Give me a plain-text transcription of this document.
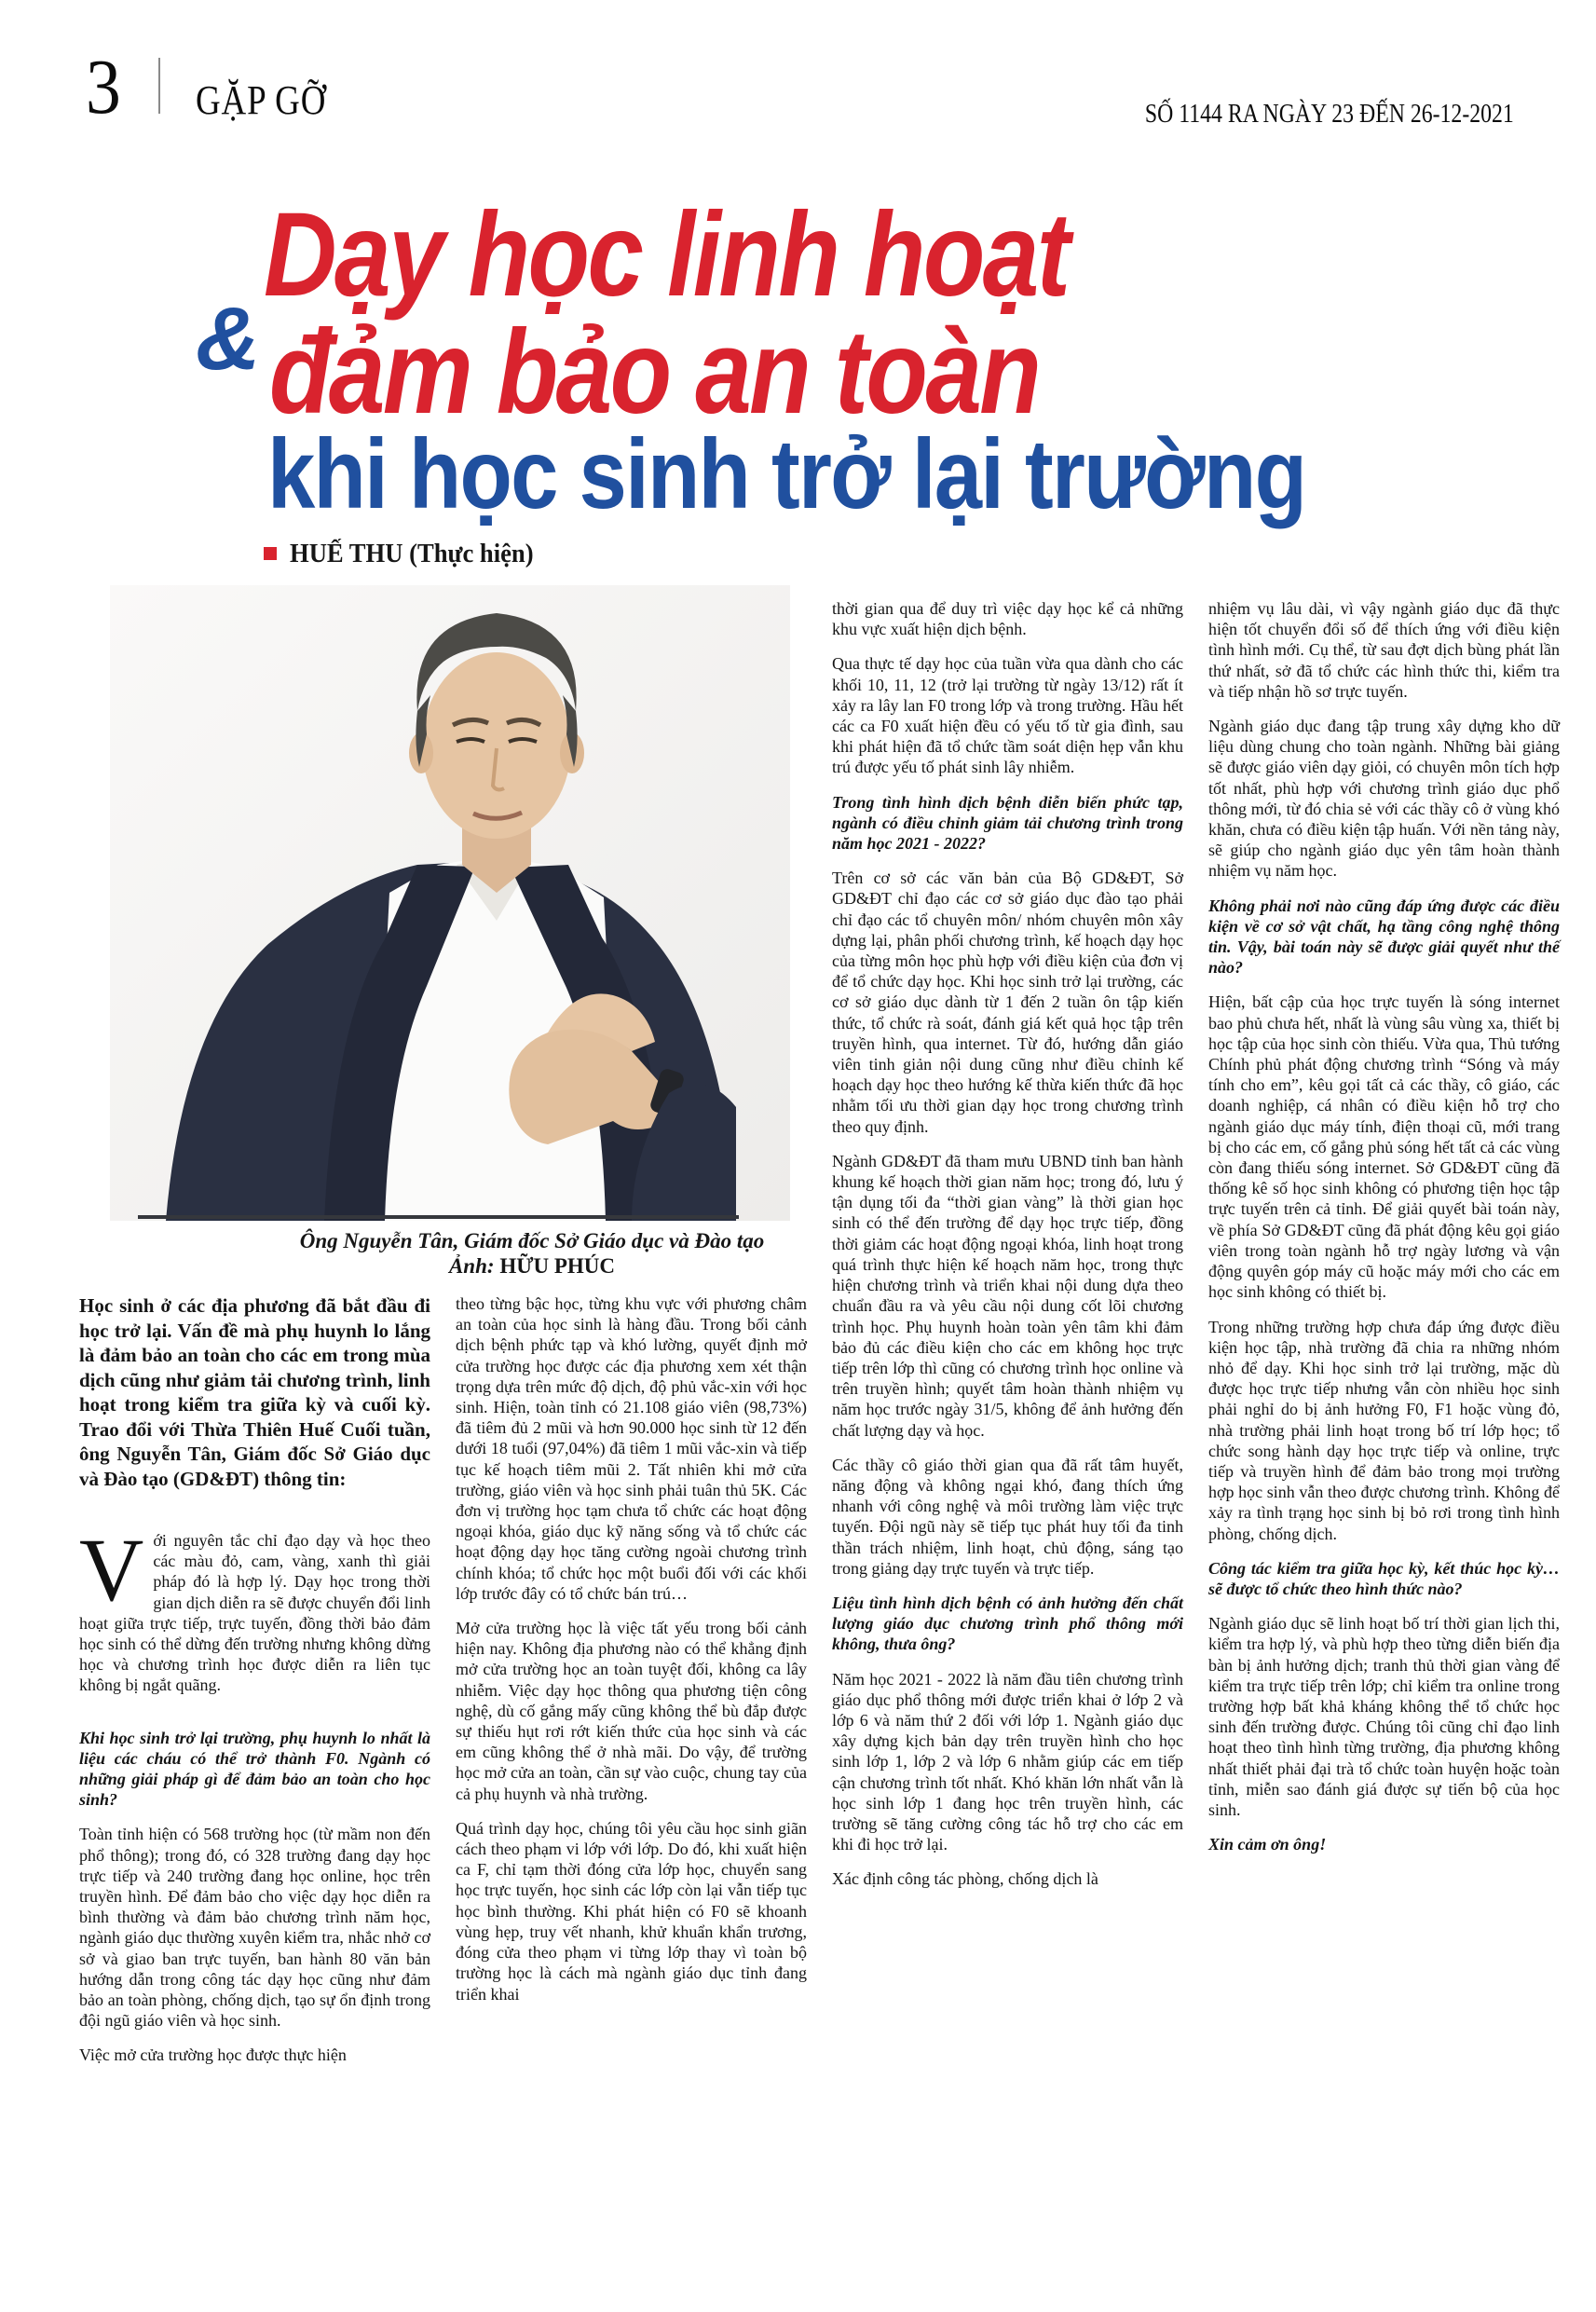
3 GẶP GỠ	SỐ 1144 RA NGÀY 23 ĐẾN 26-12-2021
Dạy học linh hoạt
& đảm bảo an toàn
khi học sinh trở lại trường
HUẾ THU (Thực hiện)
Ông Nguyễn Tân, Giám đốc Sở Giáo dục và Đào tạo
Ảnh: HỮU PHÚC
Học sinh ở các địa phương đã bắt đầu đi học trở lại. Vấn đề mà phụ huynh lo lắng là đảm bảo an toàn cho các em trong mùa dịch cũng như giảm tải chương trình, linh hoạt trong kiểm tra giữa kỳ và cuối kỳ. Trao đổi với Thừa Thiên Huế Cuối tuần, ông Nguyễn Tân, Giám đốc Sở Giáo dục và Đào tạo (GD&ĐT) thông tin:
Với nguyên tắc chỉ đạo dạy và học theo các màu đỏ, cam, vàng, xanh thì giải pháp đó là hợp lý. Dạy học trong thời gian dịch diễn ra sẽ được chuyển đổi linh hoạt giữa trực tiếp, trực tuyến, đồng thời bảo đảm học sinh có thể dừng đến trường nhưng không dừng học và chương trình học được diễn ra liên tục không bị ngắt quãng.
Khi học sinh trở lại trường, phụ huynh lo nhất là liệu các cháu có thể trở thành F0. Ngành có những giải pháp gì để đảm bảo an toàn cho học sinh?
Toàn tỉnh hiện có 568 trường học (từ mầm non đến phổ thông); trong đó, có 328 trường đang dạy học trực tiếp và 240 trường đang học online, học trên truyền hình. Để đảm bảo cho việc dạy học diễn ra bình thường và đảm bảo chương trình năm học, ngành giáo dục thường xuyên kiểm tra, nhắc nhở cơ sở và giao ban trực tuyến, ban hành 80 văn bản hướng dẫn trong công tác dạy học cũng như đảm bảo an toàn phòng, chống dịch, tạo sự ổn định trong đội ngũ giáo viên và học sinh.
Việc mở cửa trường học được thực hiện
theo từng bậc học, từng khu vực với phương châm an toàn của học sinh là hàng đầu. Trong bối cảnh dịch bệnh phức tạp và khó lường, quyết định mở cửa trường học được các địa phương xem xét thận trọng dựa trên mức độ dịch, độ phủ vắc-xin với học sinh. Hiện, toàn tỉnh có 21.108 giáo viên (98,73%) đã tiêm đủ 2 mũi và hơn 90.000 học sinh từ 12 đến dưới 18 tuổi (97,04%) đã tiêm 1 mũi vắc-xin và tiếp tục kế hoạch tiêm mũi 2. Tất nhiên khi mở cửa trường, giáo viên và học sinh phải tuân thủ 5K. Các đơn vị trường học tạm chưa tổ chức các hoạt động ngoại khóa, giáo dục kỹ năng sống và tổ chức các hoạt động dạy học tăng cường ngoài chương trình chính khóa; tổ chức học một buổi đối với các khối lớp trước đây có tổ chức bán trú…
Mở cửa trường học là việc tất yếu trong bối cảnh hiện nay. Không địa phương nào có thể khẳng định mở cửa trường học an toàn tuyệt đối, không ca lây nhiễm. Việc dạy học thông qua phương tiện công nghệ, dù cố gắng mấy cũng không thể bù đắp được sự thiếu hụt rơi rớt kiến thức của học sinh và các em cũng không thể ở nhà mãi. Do vậy, để trường học mở cửa an toàn, cần sự vào cuộc, chung tay của cả phụ huynh và nhà trường.
Quá trình dạy học, chúng tôi yêu cầu học sinh giãn cách theo phạm vi lớp với lớp. Do đó, khi xuất hiện ca F, chỉ tạm thời đóng cửa lớp học, chuyển sang học trực tuyến, học sinh các lớp còn lại vẫn tiếp tục học bình thường. Khi phát hiện có F0 sẽ khoanh vùng hẹp, truy vết nhanh, khử khuẩn khẩn trương, đóng cửa theo phạm vi từng lớp thay vì toàn bộ trường học là cách mà ngành giáo dục tỉnh đang triển khai
thời gian qua để duy trì việc dạy học kể cả những khu vực xuất hiện dịch bệnh.
Qua thực tế dạy học của tuần vừa qua dành cho các khối 10, 11, 12 (trở lại trường từ ngày 13/12) rất ít xảy ra lây lan F0 trong lớp và trong trường. Hầu hết các ca F0 xuất hiện đều có yếu tố từ gia đình, sau khi phát hiện đã tổ chức tầm soát diện hẹp vẫn khu trú được yếu tố phát sinh lây nhiễm.
Trong tình hình dịch bệnh diễn biến phức tạp, ngành có điều chỉnh giảm tải chương trình trong năm học 2021 - 2022?
Trên cơ sở các văn bản của Bộ GD&ĐT, Sở GD&ĐT chỉ đạo các cơ sở giáo dục đào tạo phải chỉ đạo các tổ chuyên môn/ nhóm chuyên môn xây dựng lại, phân phối chương trình, kế hoạch dạy học của từng môn học phù hợp với điều kiện của đơn vị để tổ chức dạy học. Khi học sinh trở lại trường, các cơ sở giáo dục dành từ 1 đến 2 tuần ôn tập kiến thức, tổ chức rà soát, đánh giá kết quả học tập trên truyền hình, qua internet. Từ đó, hướng dẫn giáo viên tinh giản nội dung cũng như điều chỉnh kế hoạch dạy học theo hướng kế thừa kiến thức đã học nhằm tối ưu thời gian dạy học trong chương trình theo quy định.
Ngành GD&ĐT đã tham mưu UBND tỉnh ban hành khung kế hoạch thời gian năm học; trong đó, lưu ý tận dụng tối đa “thời gian vàng” là thời gian học sinh có thể đến trường để dạy học trực tiếp, đồng thời giảm các hoạt động ngoại khóa, linh hoạt trong quá trình thực hiện kế hoạch năm học, trong thực hiện chương trình và triển khai nội dung dựa theo chuẩn đầu ra và yêu cầu nội dung cốt lõi chương trình học. Phụ huynh hoàn toàn yên tâm khi đảm bảo đủ các điều kiện cho các em không học trực tiếp trên lớp thì cũng có chương trình học online và trên truyền hình; quyết tâm hoàn thành nhiệm vụ năm học trước ngày 31/5, không để ảnh hưởng đến chất lượng dạy và học.
Các thầy cô giáo thời gian qua đã rất tâm huyết, năng động và không ngại khó, đang thích ứng nhanh với công nghệ và môi trường làm việc trực tuyến. Đội ngũ này sẽ tiếp tục phát huy tối đa tinh thần trách nhiệm, linh hoạt, chủ động, sáng tạo trong giảng dạy trực tuyến và trực tiếp.
Liệu tình hình dịch bệnh có ảnh hưởng đến chất lượng giáo dục chương trình phổ thông mới không, thưa ông?
Năm học 2021 - 2022 là năm đầu tiên chương trình giáo dục phổ thông mới được triển khai ở lớp 2 và lớp 6 và năm thứ 2 đối với lớp 1. Ngành giáo dục xây dựng kịch bản dạy trên truyền hình cho học sinh lớp 1, lớp 2 và lớp 6 nhằm giúp các em tiếp cận chương trình tốt nhất. Khó khăn lớn nhất vẫn là học sinh lớp 1 đang học trên truyền hình, các trường sẽ tăng cường công tác hỗ trợ cho các em khi đi học trở lại.
Xác định công tác phòng, chống dịch là
nhiệm vụ lâu dài, vì vậy ngành giáo dục đã thực hiện tốt chuyển đổi số để thích ứng với điều kiện tình hình mới. Cụ thể, từ sau đợt dịch bùng phát lần thứ nhất, sở đã tổ chức các hình thức thi, kiểm tra và tiếp nhận hồ sơ trực tuyến.
Ngành giáo dục đang tập trung xây dựng kho dữ liệu dùng chung cho toàn ngành. Những bài giảng sẽ được giáo viên dạy giỏi, có chuyên môn tích hợp tốt nhất, phù hợp với chương trình giáo dục phổ thông mới, từ đó chia sẻ với các thầy cô ở vùng khó khăn, chưa có điều kiện tập huấn. Với nền tảng này, sẽ giúp cho ngành giáo dục yên tâm hoàn thành nhiệm vụ năm học.
Không phải nơi nào cũng đáp ứng được các điều kiện về cơ sở vật chất, hạ tầng công nghệ thông tin. Vậy, bài toán này sẽ được giải quyết như thế nào?
Hiện, bất cập của học trực tuyến là sóng internet bao phủ chưa hết, nhất là vùng sâu vùng xa, thiết bị học tập của học sinh còn thiếu. Vừa qua, Thủ tướng Chính phủ phát động chương trình “Sóng và máy tính cho em”, kêu gọi tất cả các thầy, cô giáo, các doanh nghiệp, cá nhân có điều kiện hỗ trợ cho ngành giáo dục máy tính, điện thoại cũ, mới trang bị cho các em, cố gắng phủ sóng hết tất cả các vùng còn đang thiếu sóng internet. Sở GD&ĐT cũng đã thống kê số học sinh không có phương tiện học tập trực tuyến trên cả tỉnh. Để giải quyết bài toán này, về phía Sở GD&ĐT cũng đã phát động kêu gọi giáo viên trong toàn ngành hỗ trợ ngày lương và vận động quyên góp máy cũ hoặc máy mới cho các em học sinh không có thiết bị.
Trong những trường hợp chưa đáp ứng được điều kiện học tập, nhà trường đã chia ra những nhóm nhỏ để dạy. Khi học sinh trở lại trường, mặc dù được học trực tiếp nhưng vẫn còn nhiều học sinh phải nghỉ do bị ảnh hưởng F0, F1 hoặc vùng đỏ, nhà trường phải linh hoạt trong bố trí lớp học; tổ chức song hành dạy học trực tiếp và online, trực tiếp và truyền hình để đảm bảo trong mọi trường hợp học sinh vẫn theo được chương trình. Không để xảy ra tình trạng học sinh bị bỏ rơi trong tình hình phòng, chống dịch.
Công tác kiểm tra giữa học kỳ, kết thúc học kỳ… sẽ được tổ chức theo hình thức nào?
Ngành giáo dục sẽ linh hoạt bố trí thời gian lịch thi, kiểm tra hợp lý, và phù hợp theo từng diễn biến địa bàn bị ảnh hưởng dịch; tranh thủ thời gian vàng để kiểm tra trực tiếp trên lớp; chỉ kiểm tra online trong trường hợp bất khả kháng không thể tổ chức học sinh đến trường được. Chúng tôi cũng chỉ đạo linh hoạt theo tình hình từng trường, địa phương không nhất thiết phải đại trà tổ chức toàn huyện hoặc toàn tỉnh, miễn sao đánh giá được sự tiến bộ của học sinh.
Xin cảm ơn ông!
